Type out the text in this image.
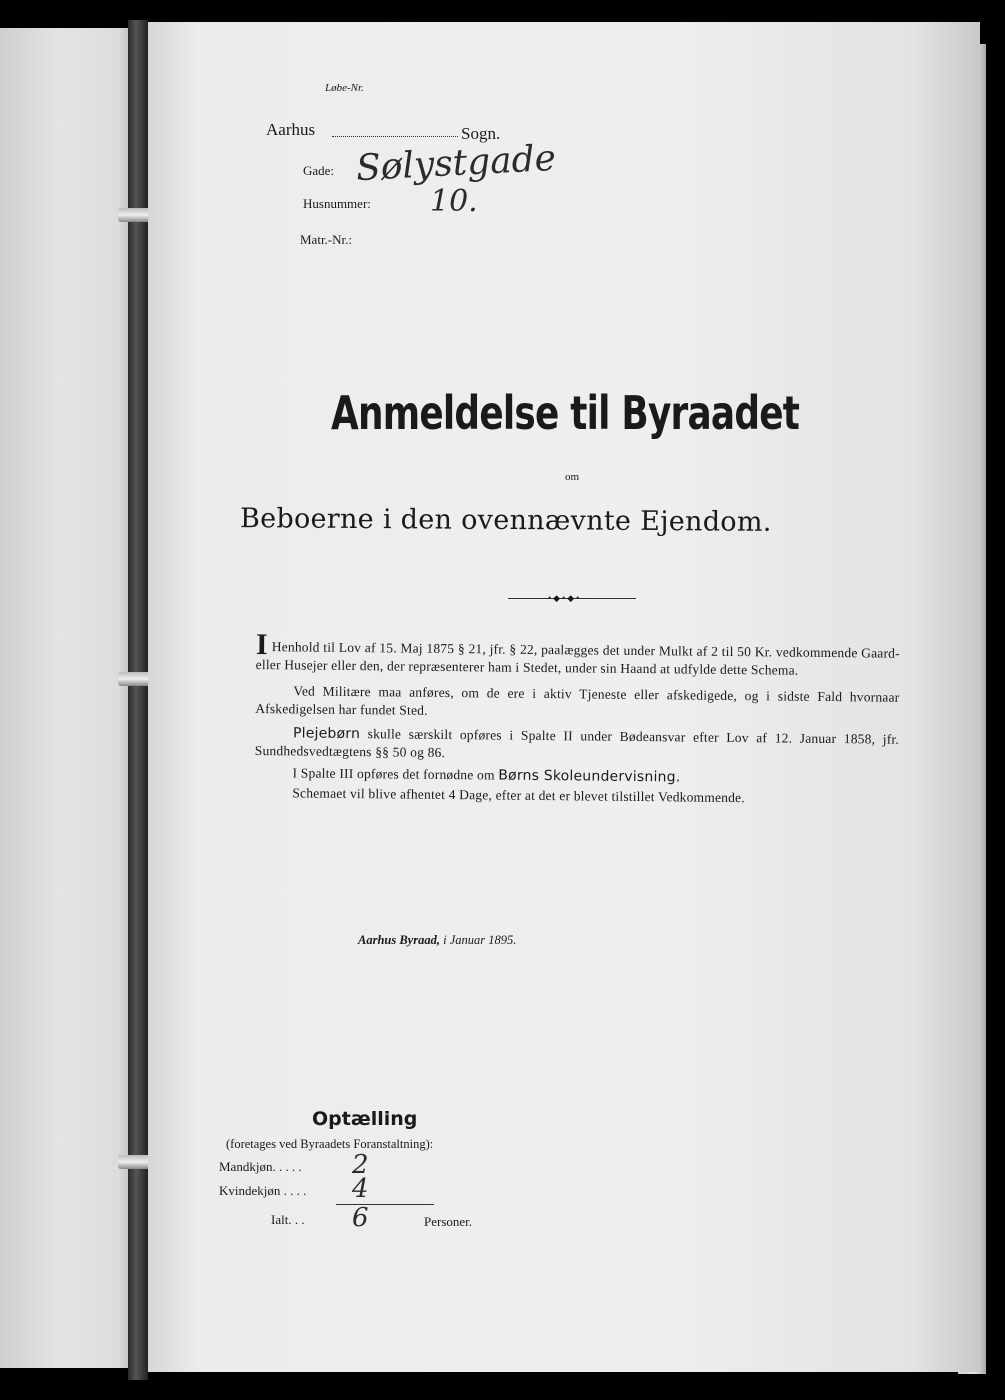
Løbe-Nr.
Aarhus	Sogn.
Gade: Sølystgade
Husnummer: 10.
Matr.-Nr.:
Anmeldelse til Byraadet
om
Beboerne i den ovennævnte Ejendom.
•◆•◆•

I Henhold til Lov af 15. Maj 1875 § 21, jfr. § 22, paalægges det under Mulkt af 2 til 50 Kr. vedkommende Gaard- eller Husejer eller den, der repræsenterer ham i Stedet, under sin Haand at udfylde dette Schema.

Ved Militære maa anføres, om de ere i aktiv Tjeneste eller afskedigede, og i sidste Fald hvornaar Afskedigelsen har fundet Sted.

Plejebørn skulle særskilt opføres i Spalte II under Bødeansvar efter Lov af 12. Januar 1858, jfr. Sundhedsvedtægtens §§ 50 og 86.

I Spalte III opføres det fornødne om Børns Skoleundervisning.

Schemaet vil blive afhentet 4 Dage, efter at det er blevet tilstillet Vedkommende.

Aarhus Byraad, i Januar 1895.
Optælling
(foretages ved Byraadets Foranstaltning):
Mandkjøn. . . . . 2
Kvindekjøn . . . . 4
Ialt. . . 6	Personer.
